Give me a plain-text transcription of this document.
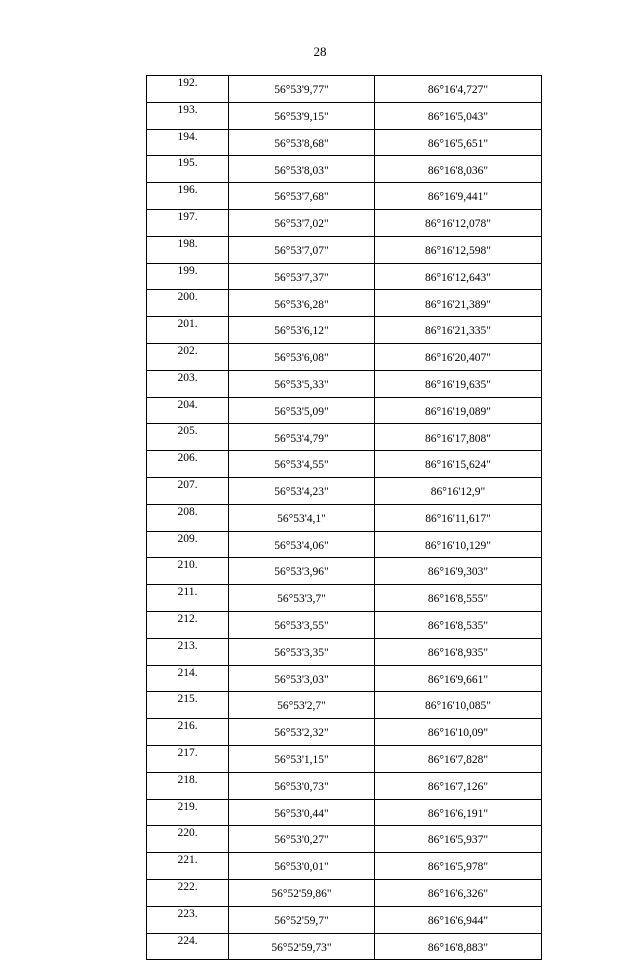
28
192.	56°53'9,77"	86°16'4,727"
193.	56°53'9,15"	86°16'5,043"
194.	56°53'8,68"	86°16'5,651"
195.	56°53'8,03"	86°16'8,036"
196.	56°53'7,68"	86°16'9,441"
197.	56°53'7,02"	86°16'12,078"
198.	56°53'7,07"	86°16'12,598"
199.	56°53'7,37"	86°16'12,643"
200.	56°53'6,28"	86°16'21,389"
201.	56°53'6,12"	86°16'21,335"
202.	56°53'6,08"	86°16'20,407"
203.	56°53'5,33"	86°16'19,635"
204.	56°53'5,09"	86°16'19,089"
205.	56°53'4,79"	86°16'17,808"
206.	56°53'4,55"	86°16'15,624"
207.	56°53'4,23"	86°16'12,9"
208.	56°53'4,1"	86°16'11,617"
209.	56°53'4,06"	86°16'10,129"
210.	56°53'3,96"	86°16'9,303"
211.	56°53'3,7"	86°16'8,555"
212.	56°53'3,55"	86°16'8,535"
213.	56°53'3,35"	86°16'8,935"
214.	56°53'3,03"	86°16'9,661"
215.	56°53'2,7"	86°16'10,085"
216.	56°53'2,32"	86°16'10,09"
217.	56°53'1,15"	86°16'7,828"
218.	56°53'0,73"	86°16'7,126"
219.	56°53'0,44"	86°16'6,191"
220.	56°53'0,27"	86°16'5,937"
221.	56°53'0,01"	86°16'5,978"
222.	56°52'59,86"	86°16'6,326"
223.	56°52'59,7"	86°16'6,944"
224.	56°52'59,73"	86°16'8,883"
